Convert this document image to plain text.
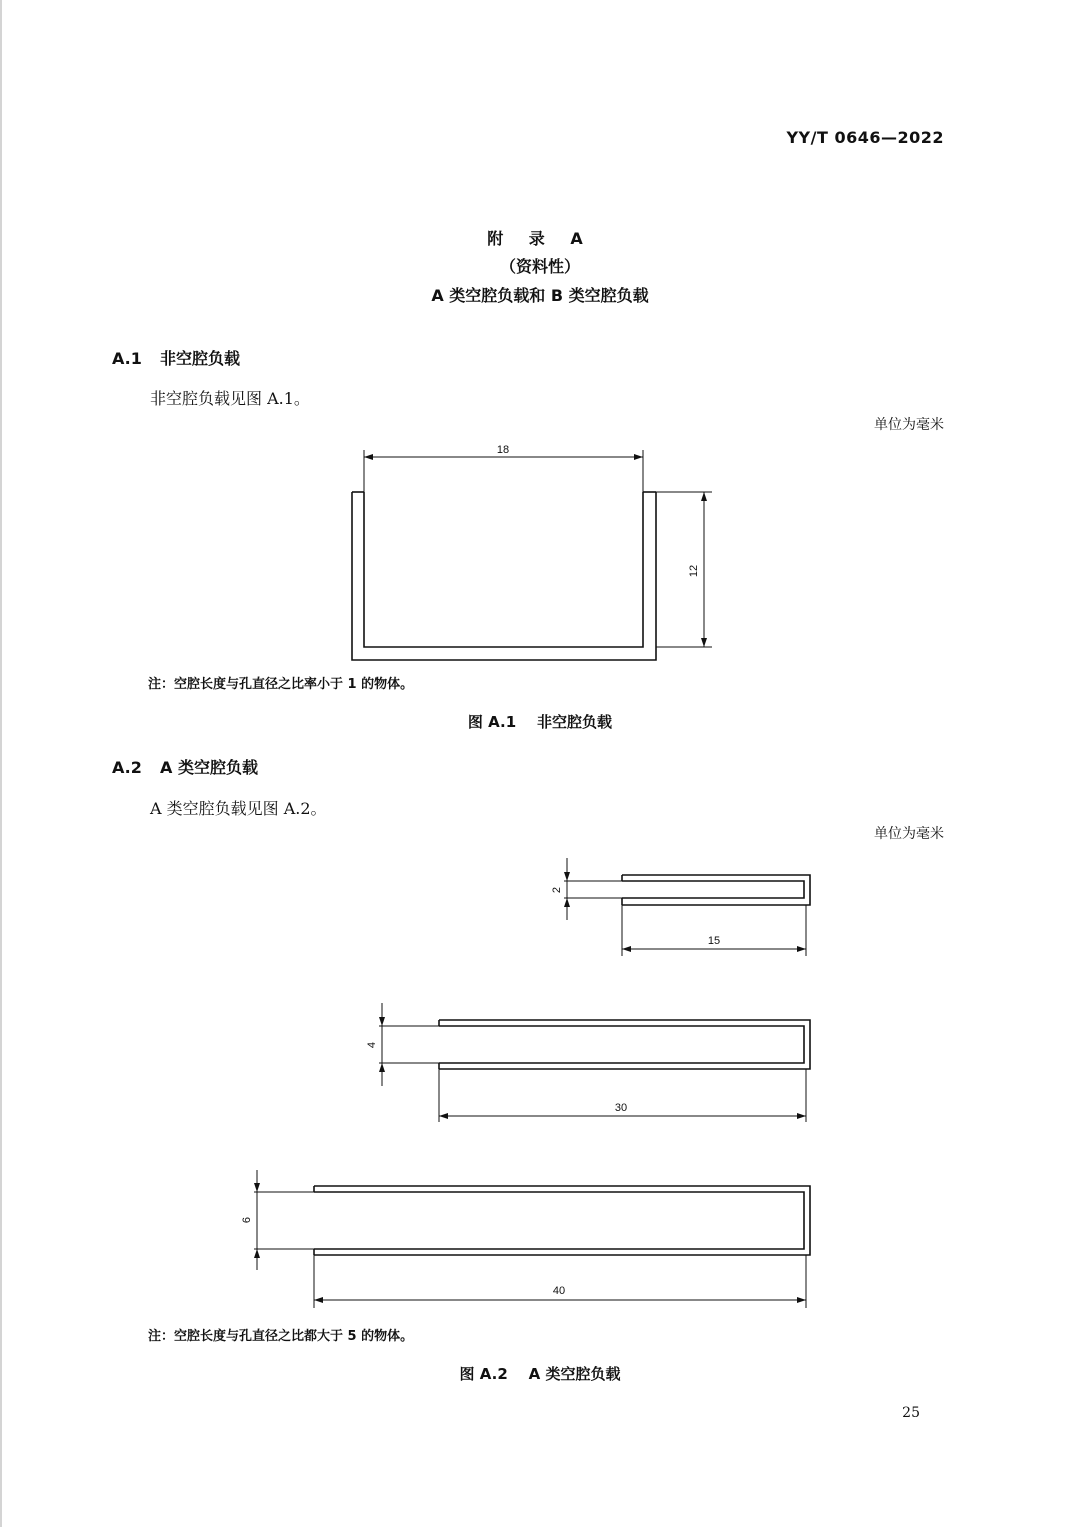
YY/T 0646—2022
附 录 A
（资料性）
A 类空腔负载和 B 类空腔负载
A.1 非空腔负载
非空腔负载见图 A.1。
单位为毫米
18
12
2
15
4
30
6
40
注：空腔长度与孔直径之比率小于 1 的物体。
图 A.1    非空腔负载
A.2 A 类空腔负载
A 类空腔负载见图 A.2。
单位为毫米
注：空腔长度与孔直径之比都大于 5 的物体。
图 A.2    A 类空腔负载
25
